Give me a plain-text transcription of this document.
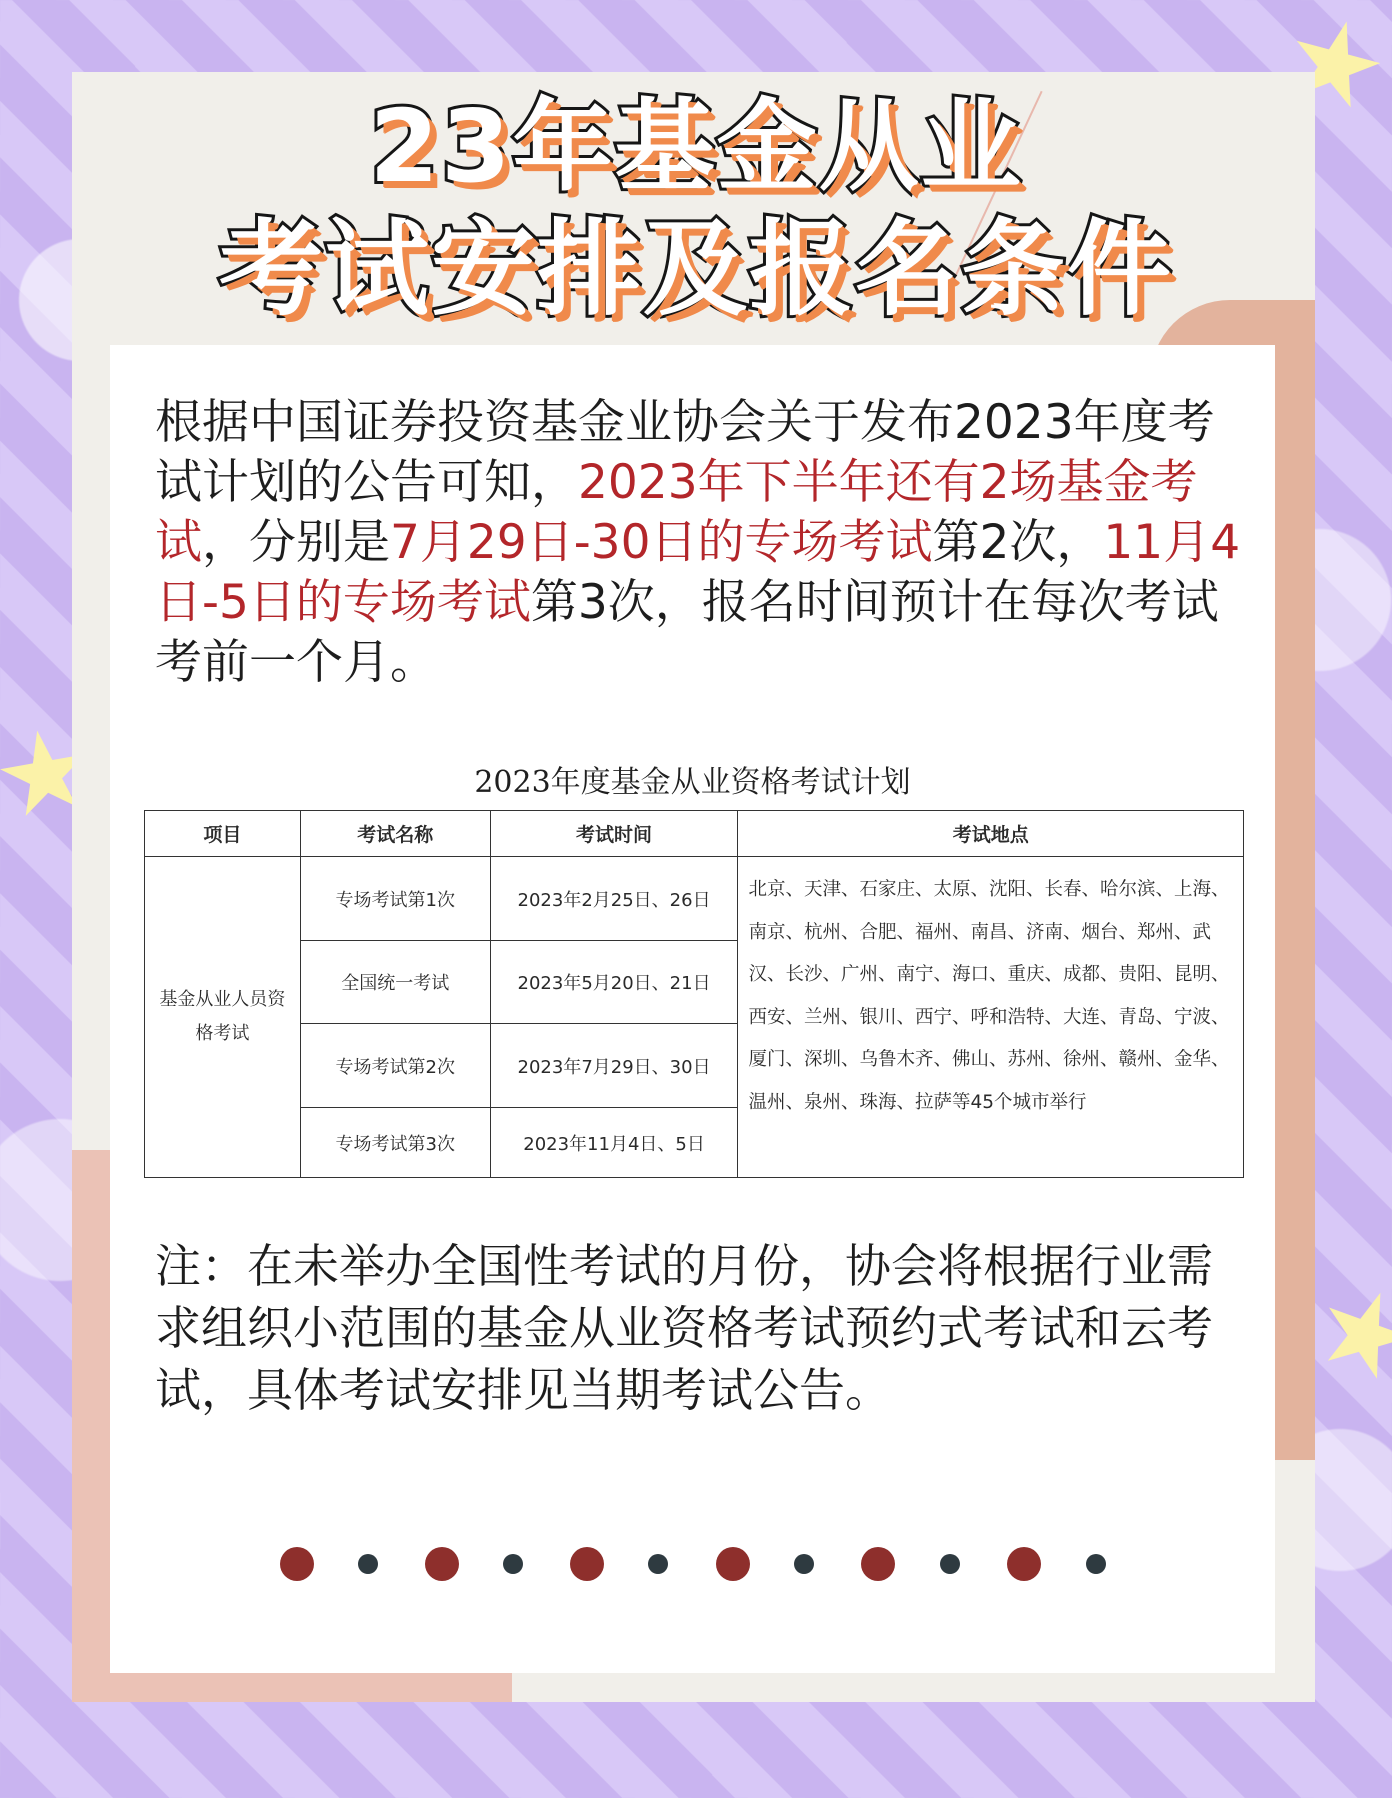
23年基金从业
考试安排及报名条件
根据中国证券投资基金业协会关于发布2023年度考试计划的公告可知，2023年下半年还有2场基金考试，分别是7月29日-30日的专场考试第2次，11月4日-5日的专场考试第3次，报名时间预计在每次考试考前一个月。
2023年度基金从业资格考试计划
项目	考试名称	考试时间	考试地点
基金从业人员资格考试	专场考试第1次	2023年2月25日、26日	北京、天津、石家庄、太原、沈阳、长春、哈尔滨、上海、南京、杭州、合肥、福州、南昌、济南、烟台、郑州、武汉、长沙、广州、南宁、海口、重庆、成都、贵阳、昆明、西安、兰州、银川、西宁、呼和浩特、大连、青岛、宁波、厦门、深圳、乌鲁木齐、佛山、苏州、徐州、赣州、金华、温州、泉州、珠海、拉萨等45个城市举行
	全国统一考试	2023年5月20日、21日	
	专场考试第2次	2023年7月29日、30日	
	专场考试第3次	2023年11月4日、5日	
注：在未举办全国性考试的月份，协会将根据行业需求组织小范围的基金从业资格考试预约式考试和云考试，具体考试安排见当期考试公告。
